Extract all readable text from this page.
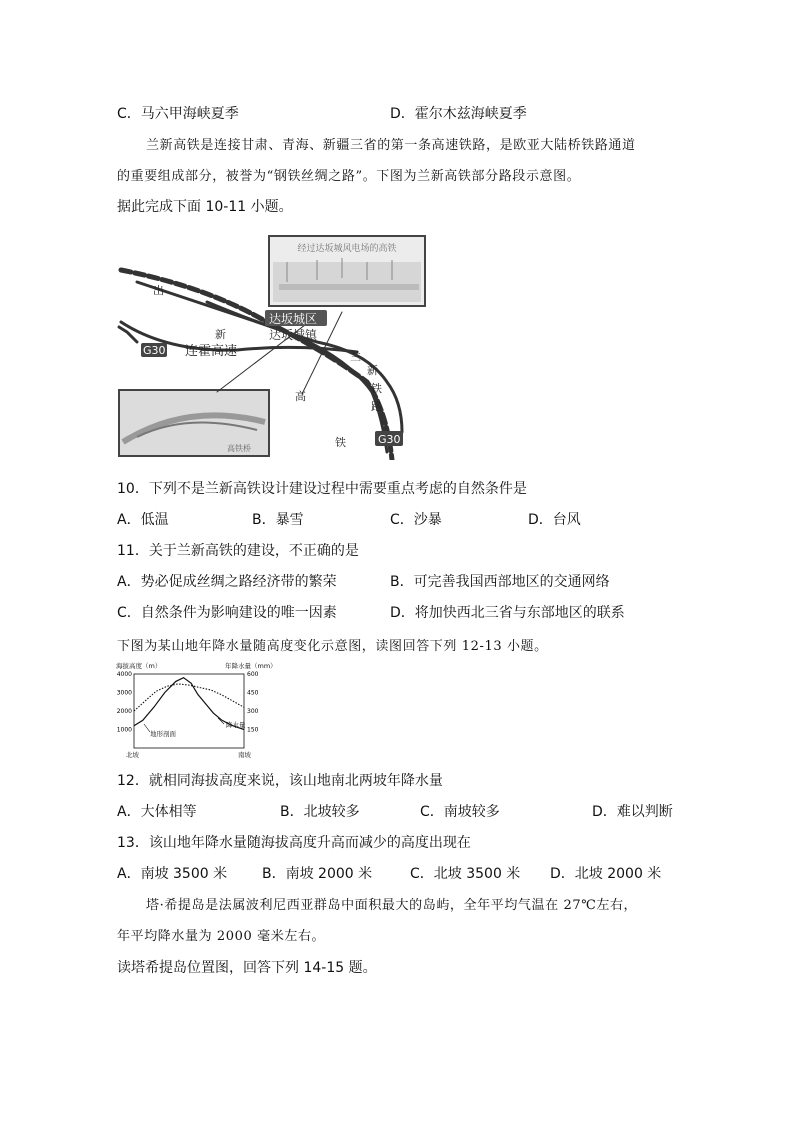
C．马六甲海峡夏季	D．霍尔木兹海峡夏季
兰新高铁是连接甘肃、青海、新疆三省的第一条高速铁路，是欧亚大陆桥铁路通道
的重要组成部分，被誉为“钢铁丝绸之路”。下图为兰新高铁部分路段示意图。
据此完成下面 10-11 小题。
经过达坂城风电场的高铁
高铁桥
达坂城区
达坂城镇
G30
G30
连霍高速
出
兰
新
铁
路
新
高
铁
10．下列不是兰新高铁设计建设过程中需要重点考虑的自然条件是
A．低温	B．暴雪	C．沙暴	D．台风
11．关于兰新高铁的建设，不正确的是
A．势必促成丝绸之路经济带的繁荣	B．可完善我国西部地区的交通网络
C．自然条件为影响建设的唯一因素	D．将加快西北三省与东部地区的联系
下图为某山地年降水量随高度变化示意图，读图回答下列 12-13 小题。
海拔高度（m）	年降水量（mm）
4000
3000
2000
1000
600
450
300
150
降水量
地形剖面
北坡	南坡
12．就相同海拔高度来说，该山地南北两坡年降水量
A．大体相等	B．北坡较多	C．南坡较多	D．难以判断
13．该山地年降水量随海拔高度升高而减少的高度出现在
A．南坡 3500 米 B．南坡 2000 米	C．北坡 3500 米 D．北坡 2000 米
塔·希提岛是法属波利尼西亚群岛中面积最大的岛屿，全年平均气温在 27℃左右，
年平均降水量为 2000 毫米左右。
读塔希提岛位置图，回答下列 14-15 题。
